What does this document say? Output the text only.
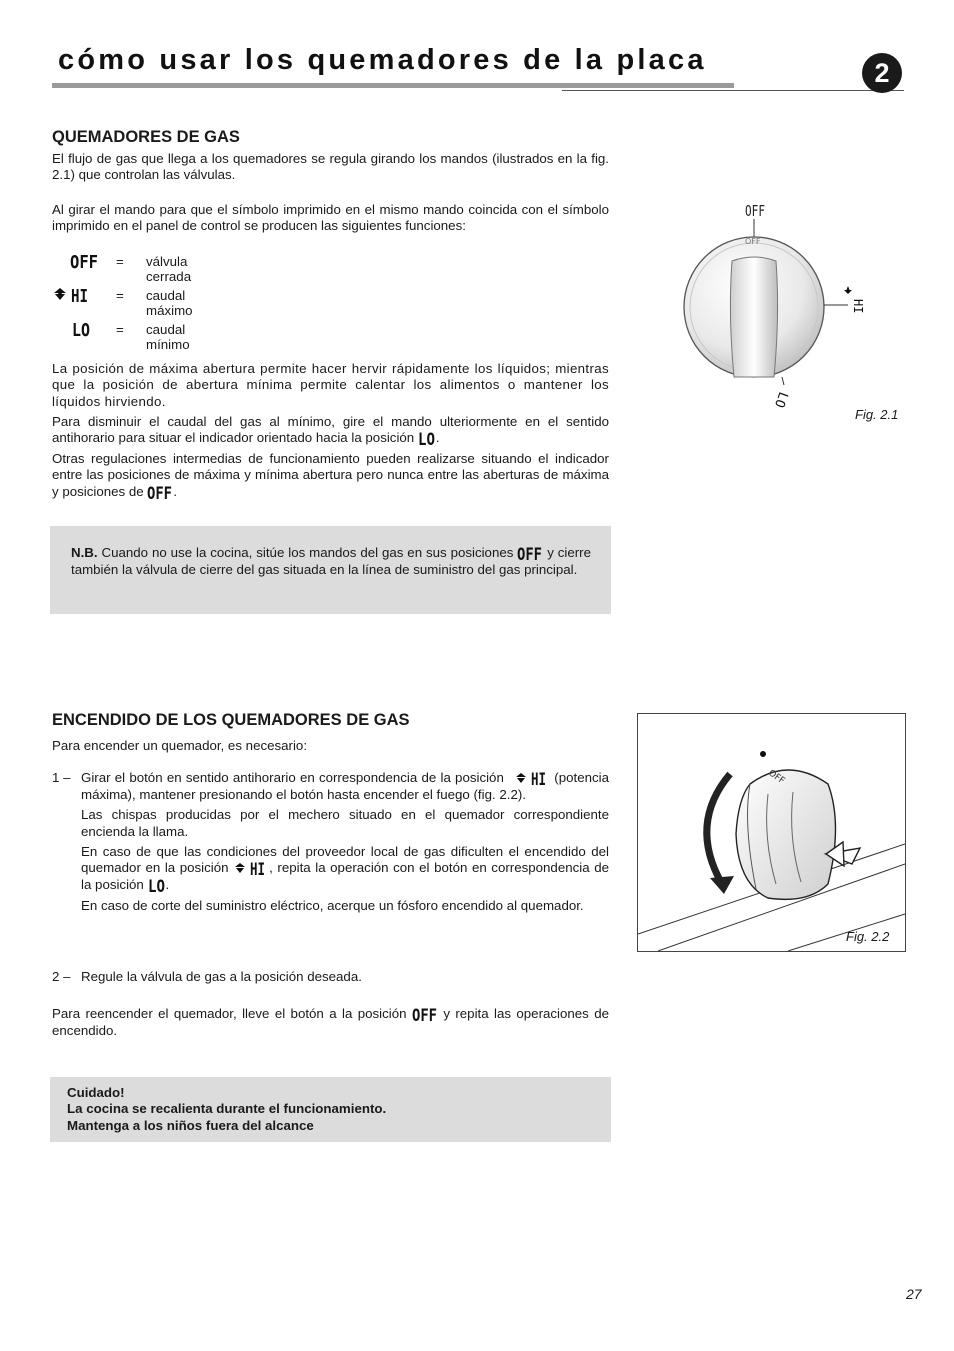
cómo usar los quemadores de la placa	2
QUEMADORES DE GAS

El flujo de gas que llega a los quemadores se regula girando los mandos (ilustrados en la fig. 2.1) que controlan las válvulas.

Al girar el mando para que el símbolo imprimido en el mismo mando coincida con el símbolo imprimido en el panel de control se producen las siguientes funciones:

OFF = válvula cerrada
HI = caudal máximo
LO = caudal mínimo

La posición de máxima abertura permite hacer hervir rápidamente los líquidos; mientras que la posición de abertura mínima permite calentar los alimentos o mantener los líquidos hirviendo.

Para disminuir el caudal del gas al mínimo, gire el mando ulteriormente en el sentido antihorario para situar el indicador orientado hacia la posición LO .

Otras regulaciones intermedias de funcionamiento pueden realizarse situando el indicador entre las posiciones de máxima y mínima abertura pero nunca entre las aberturas de máxima y posiciones de OFF .

N.B. Cuando no use la cocina, sitúe los mandos del gas en sus posiciones OFF y cierre también la válvula de cierre del gas situada en la línea de suministro del gas principal.

OFF
OFF
HI
LO
Fig. 2.1
ENCENDIDO DE LOS QUEMADORES DE GAS

Para encender un quemador, es necesario:

1 – Girar el botón en sentido antihorario en correspondencia de la posición HI (potencia máxima), mantener presionando el botón hasta encender el fuego (fig. 2.2).
Las chispas producidas por el mechero situado en el quemador correspondiente encienda la llama.
En caso de que las condiciones del proveedor local de gas dificulten el encendido del quemador en la posición HI , repita la operación con el botón en correspondencia de la posición LO .
En caso de corte del suministro eléctrico, acerque un fósforo encendido al quemador.
2 – Regule la válvula de gas a la posición deseada.

Para reencender el quemador, lleve el botón a la posición OFF y repita las operaciones de encendido.

Cuidado!
La cocina se recalienta durante el funcionamiento.
Mantenga a los niños fuera del alcance
OFF
Fig. 2.2
27
